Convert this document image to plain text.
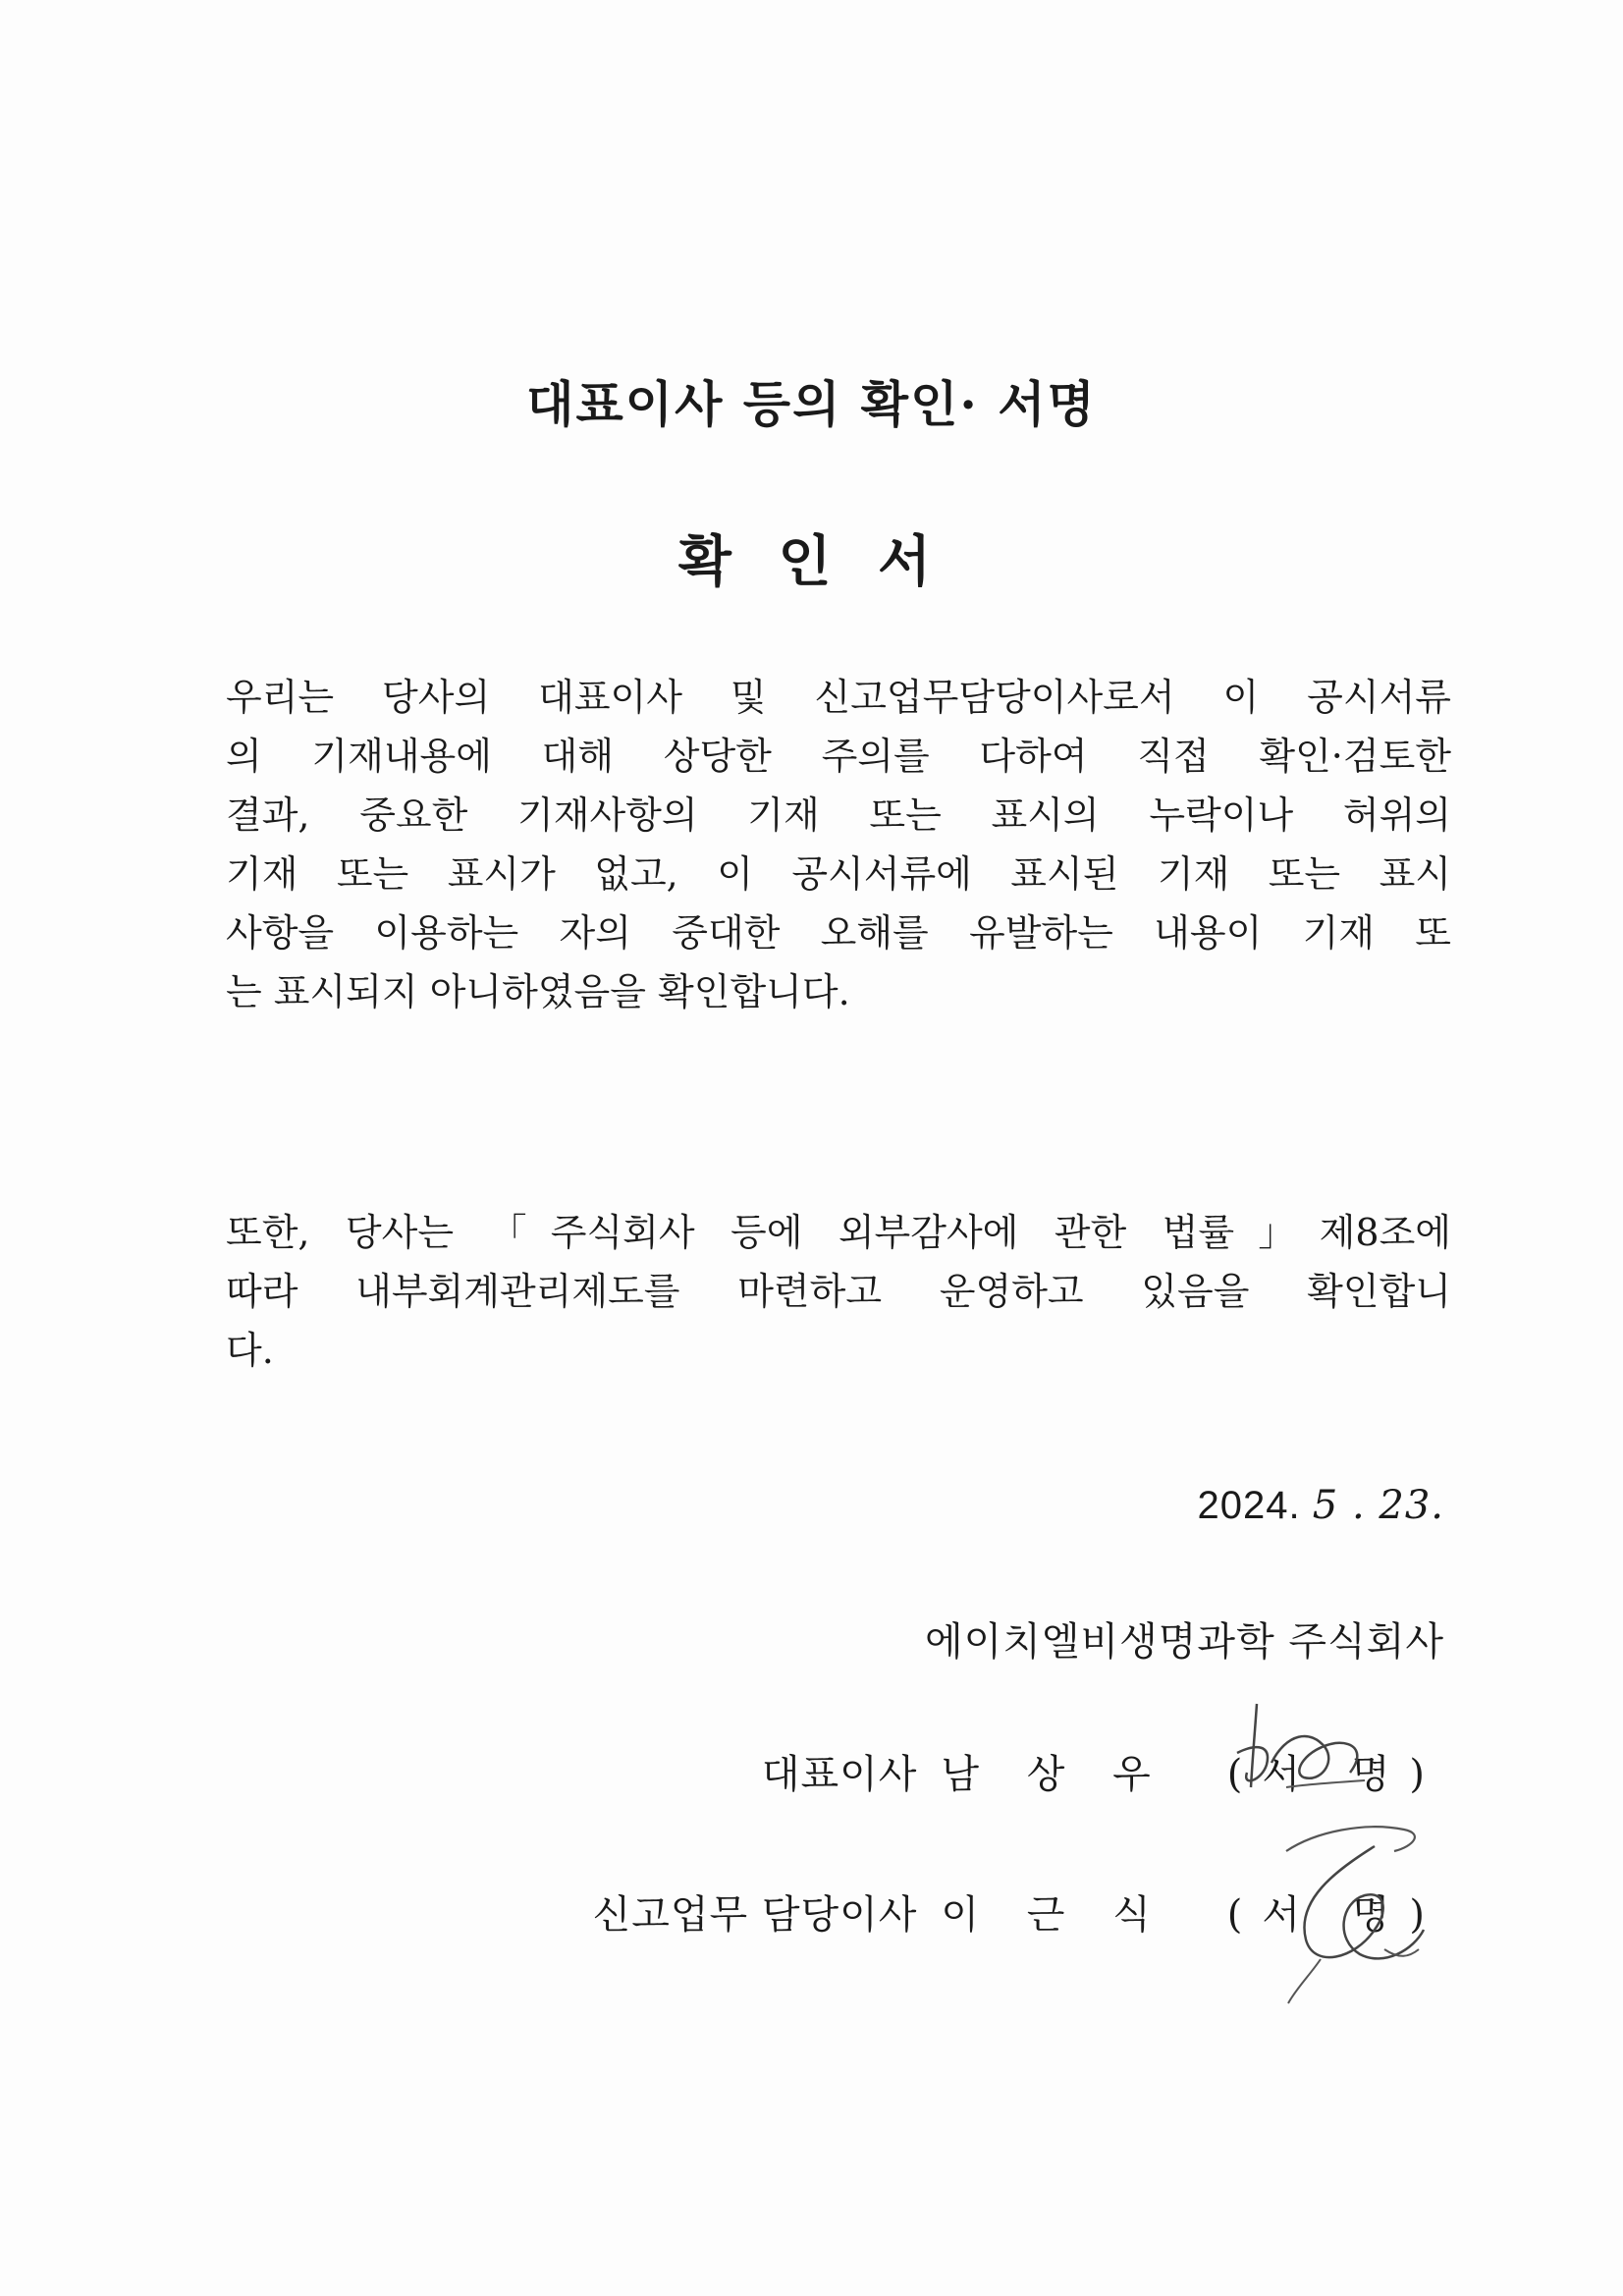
대표이사 등의 확인· 서명
확 인 서
우리는 당사의 대표이사 및 신고업무담당이사로서 이 공시서류
의 기재내용에 대해 상당한 주의를 다하여 직접 확인·검토한
결과, 중요한 기재사항의 기재 또는 표시의 누락이나 허위의
기재 또는 표시가 없고, 이 공시서류에 표시된 기재 또는 표시
사항을 이용하는 자의 중대한 오해를 유발하는 내용이 기재 또
는 표시되지 아니하였음을 확인합니다.
또한, 당사는 「주식회사 등에 외부감사에 관한 법률」제8조에
따라 내부회계관리제도를 마련하고 운영하고 있음을 확인합니
다.
2024. 5 . 23.
에이치엘비생명과학 주식회사
대표이사 남 상 우 (서 명)
신고업무 담당이사 이 근 식 (서 명)
